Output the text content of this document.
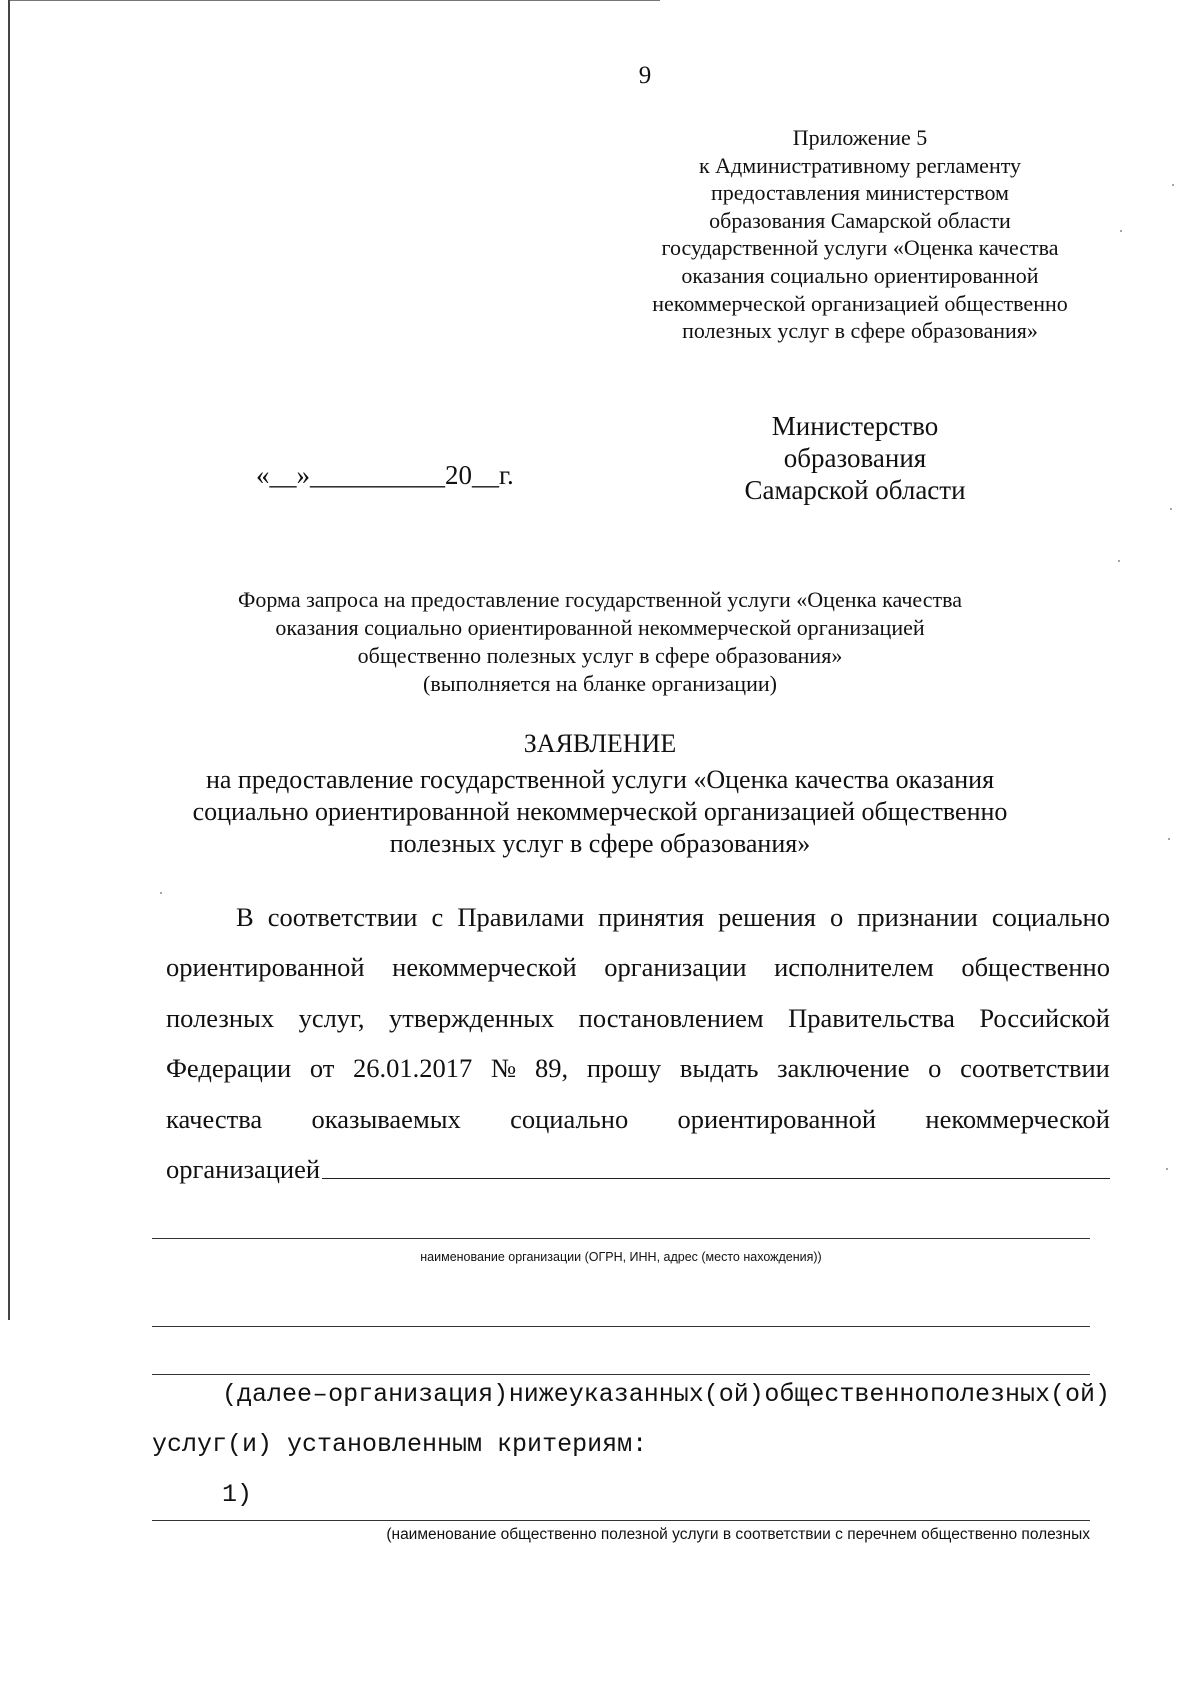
9
Приложение 5
к Административному регламенту
предоставления министерством
образования Самарской области
государственной услуги «Оценка качества
оказания социально ориентированной
некоммерческой организацией общественно
полезных услуг в сфере образования»
Министерство образования
Самарской области
«__»__________20__г.
Форма запроса на предоставление государственной услуги «Оценка качества
оказания социально ориентированной некоммерческой организацией
общественно полезных услуг в сфере образования»
(выполняется на бланке организации)
ЗАЯВЛЕНИЕ
на предоставление государственной услуги «Оценка качества оказания
социально ориентированной некоммерческой организацией общественно
полезных услуг в сфере образования»
В соответствии с Правилами принятия решения о признании социально
ориентированной некоммерческой организации исполнителем общественно
полезных услуг, утвержденных постановлением Правительства Российской
Федерации от 26.01.2017 № 89, прошу выдать заключение о соответствии
качества оказываемых социально ориентированной некоммерческой
организацией
наименование организации (ОГРН, ИНН, адрес (место нахождения))
(далее – организация) нижеуказанных(ой) общественно полезных(ой)
услуг(и) установленным критериям:
1)
(наименование общественно полезной услуги в соответствии с перечнем общественно полезных
